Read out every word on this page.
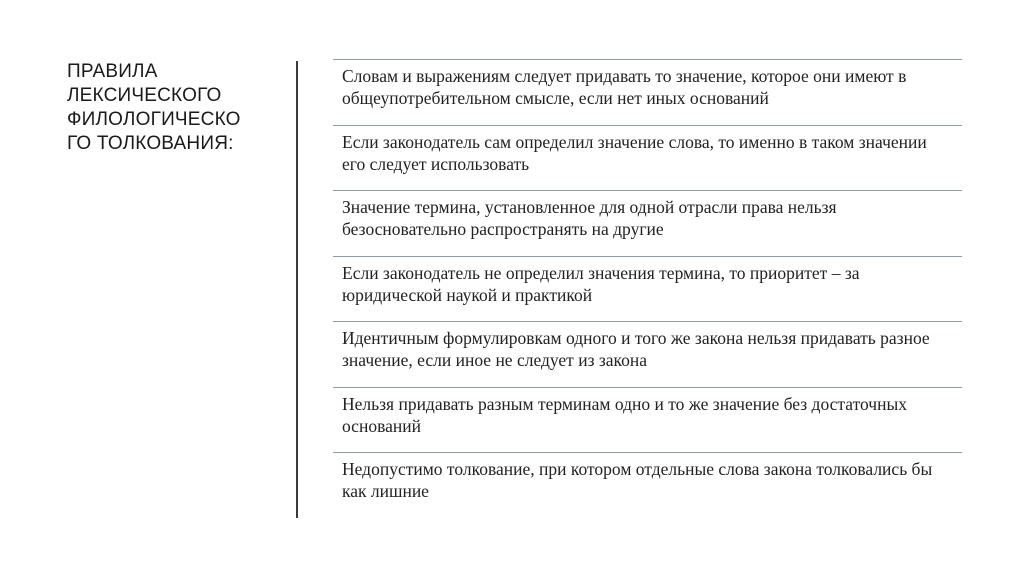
ПРАВИЛА
ЛЕКСИЧЕСКОГО
ФИЛОЛОГИЧЕСКО
ГО ТОЛКОВАНИЯ:
Словам и выражениям следует придавать то значение, которое они имеют в общеупотребительном смысле, если нет иных оснований
Если законодатель сам определил значение слова, то именно в таком значении его следует использовать
Значение термина, установленное для одной отрасли права нельзя безосновательно распространять на другие
Если законодатель не определил значения термина, то приоритет – за юридической наукой и практикой
Идентичным формулировкам одного и того же закона нельзя придавать разное значение, если иное не следует из закона
Нельзя придавать разным терминам одно и то же значение без достаточных оснований
Недопустимо толкование, при котором отдельные слова закона толковались бы как лишние
